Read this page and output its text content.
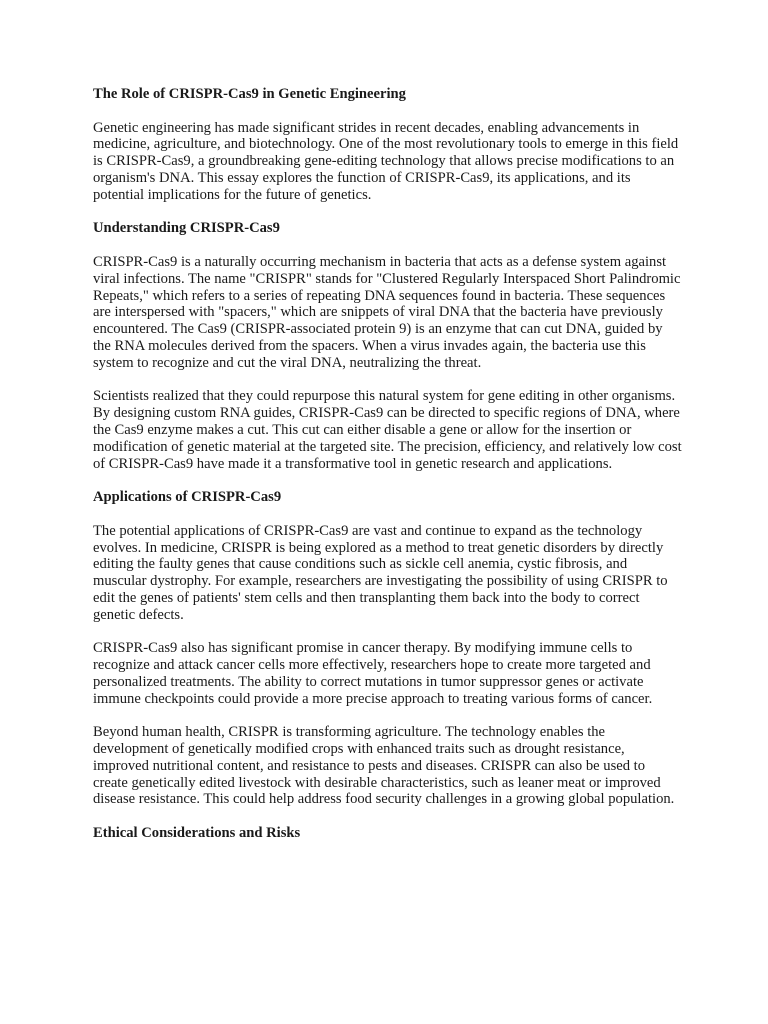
The Role of CRISPR-Cas9 in Genetic Engineering

Genetic engineering has made significant strides in recent decades, enabling advancements in medicine, agriculture, and biotechnology. One of the most revolutionary tools to emerge in this field is CRISPR-Cas9, a groundbreaking gene-editing technology that allows precise modifications to an organism's DNA. This essay explores the function of CRISPR-Cas9, its applications, and its potential implications for the future of genetics.

Understanding CRISPR-Cas9

CRISPR-Cas9 is a naturally occurring mechanism in bacteria that acts as a defense system against viral infections. The name "CRISPR" stands for "Clustered Regularly Interspaced Short Palindromic Repeats," which refers to a series of repeating DNA sequences found in bacteria. These sequences are interspersed with "spacers," which are snippets of viral DNA that the bacteria have previously encountered. The Cas9 (CRISPR-associated protein 9) is an enzyme that can cut DNA, guided by the RNA molecules derived from the spacers. When a virus invades again, the bacteria use this system to recognize and cut the viral DNA, neutralizing the threat.

Scientists realized that they could repurpose this natural system for gene editing in other organisms. By designing custom RNA guides, CRISPR-Cas9 can be directed to specific regions of DNA, where the Cas9 enzyme makes a cut. This cut can either disable a gene or allow for the insertion or modification of genetic material at the targeted site. The precision, efficiency, and relatively low cost of CRISPR-Cas9 have made it a transformative tool in genetic research and applications.

Applications of CRISPR-Cas9

The potential applications of CRISPR-Cas9 are vast and continue to expand as the technology evolves. In medicine, CRISPR is being explored as a method to treat genetic disorders by directly editing the faulty genes that cause conditions such as sickle cell anemia, cystic fibrosis, and muscular dystrophy. For example, researchers are investigating the possibility of using CRISPR to edit the genes of patients' stem cells and then transplanting them back into the body to correct genetic defects.

CRISPR-Cas9 also has significant promise in cancer therapy. By modifying immune cells to recognize and attack cancer cells more effectively, researchers hope to create more targeted and personalized treatments. The ability to correct mutations in tumor suppressor genes or activate immune checkpoints could provide a more precise approach to treating various forms of cancer.

Beyond human health, CRISPR is transforming agriculture. The technology enables the development of genetically modified crops with enhanced traits such as drought resistance, improved nutritional content, and resistance to pests and diseases. CRISPR can also be used to create genetically edited livestock with desirable characteristics, such as leaner meat or improved disease resistance. This could help address food security challenges in a growing global population.

Ethical Considerations and Risks
